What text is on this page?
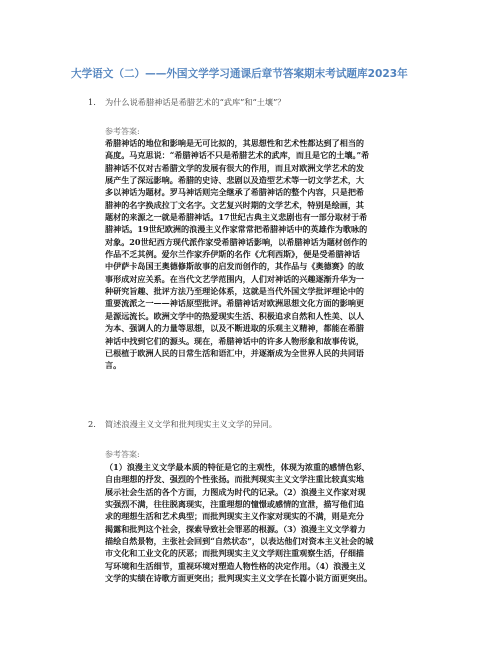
大学语文（二）——外国文学学习通课后章节答案期末考试题库2023年
1. 为什么说希腊神话是希腊艺术的“武库”和“土壤”？
参考答案:
希腊神话的地位和影响是无可比拟的，其思想性和艺术性都达到了相当的
高度。马克思说：“希腊神话不只是希腊艺术的武库，而且是它的土壤。”希
腊神话不仅对古希腊文学的发展有很大的作用，而且对欧洲文学艺术的发
展产生了深远影响。希腊的史诗、悲剧以及造型艺术等一切文学艺术，大
多以神话为题材。罗马神话则完全继承了希腊神话的整个内容，只是把希
腊神的名字换成拉丁文名字。文艺复兴时期的文学艺术，特别是绘画，其
题材的来源之一就是希腊神话。17世纪古典主义悲剧也有一部分取材于希
腊神话。19世纪欧洲的浪漫主义作家常常把希腊神话中的英雄作为歌咏的
对象。20世纪西方现代派作家受希腊神话影响，以希腊神话为题材创作的
作品不乏其例。爱尔兰作家乔伊斯的名作《尤利西斯》，便是受希腊神话
中伊萨卡岛国王奥德修斯故事的启发而创作的，其作品与《奥德赛》的故
事形成对应关系。在当代文艺学范围内，人们对神话的兴趣逐渐升华为一
种研究旨趣、批评方法乃至理论体系，这就是当代外国文学批评理论中的
重要流派之一——神话原型批评。希腊神话对欧洲思想文化方面的影响更
是源远流长。欧洲文学中的热爱现实生活、积极追求自然和人性美、以人
为本、强调人的力量等思想，以及不断进取的乐观主义精神，都能在希腊
神话中找到它们的源头。现在，希腊神话中的许多人物形象和故事传说，
已根植于欧洲人民的日常生活和语汇中，并逐渐成为全世界人民的共同语
言。
2. 简述浪漫主义文学和批判现实主义文学的异同。
参考答案:
（1）浪漫主义文学最本质的特征是它的主观性，体现为浓重的感情色彩、
自由理想的抒发、强烈的个性张扬。而批判现实主义文学注重比较真实地
展示社会生活的各个方面，力图成为时代的记录。（2）浪漫主义作家对现
实强烈不满，往往脱离现实，注重理想的憧憬或感情的宣泄，描写他们追
求的理想生活和艺术典型；而批判现实主义作家对现实的不满，则是充分
揭露和批判这个社会，探索导致社会罪恶的根源。（3）浪漫主义文学着力
描绘自然景物，主张社会回到“自然状态”，以表达他们对资本主义社会的城
市文化和工业文化的厌恶；而批判现实主义文学则注重观察生活，仔细描
写环境和生活细节，重视环境对塑造人物性格的决定作用。（4）浪漫主义
文学的实绩在诗歌方面更突出；批判现实主义文学在长篇小说方面更突出。
